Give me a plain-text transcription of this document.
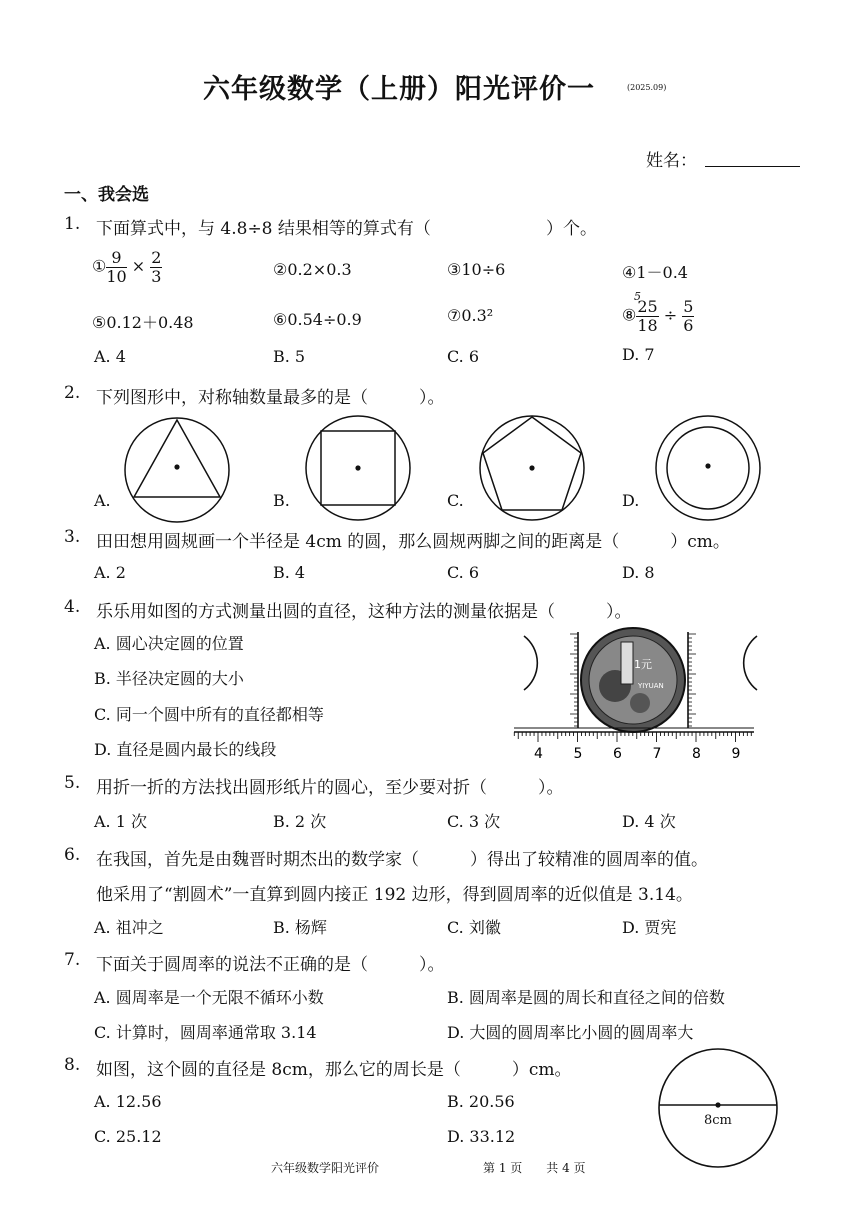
六年级数学（上册）阳光评价一	(2025.09)
姓名：
一、我会选
1. 下面算式中，与 4.8÷8 结果相等的算式有（	）个。
① $\frac{9}{10} \times \frac{2}{3}$	②0.2×0.3	③10÷6	④1－0.4
⑤0.12＋0.48	⑥0.54÷0.9	⑦0.3²	⑧ $\frac{25}{18} \div \frac{5}{6}$
5
A. 4	B. 5	C. 6	D. 7
2. 下列图形中，对称轴数量最多的是（　　　）。
A.	B.	C.	D.
3. 田田想用圆规画一个半径是 4cm 的圆，那么圆规两脚之间的距离是（　　　）cm。
A. 2	B. 4	C. 6	D. 8
4. 乐乐用如图的方式测量出圆的直径，这种方法的测量依据是（　　　）。
A. 圆心决定圆的位置
B. 半径决定圆的大小
C. 同一个圆中所有的直径都相等
D. 直径是圆内最长的线段
1元
YIYUAN
4 5 6 7 8 9
5. 用折一折的方法找出圆形纸片的圆心，至少要对折（　　　）。
A. 1 次	B. 2 次	C. 3 次	D. 4 次
6. 在我国，首先是由魏晋时期杰出的数学家（　　　）得出了较精准的圆周率的值。
他采用了“割圆术”一直算到圆内接正 192 边形，得到圆周率的近似值是 3.14。
A. 祖冲之	B. 杨辉	C. 刘徽	D. 贾宪
7. 下面关于圆周率的说法不正确的是（　　　）。
A. 圆周率是一个无限不循环小数	B. 圆周率是圆的周长和直径之间的倍数
C. 计算时，圆周率通常取 3.14	D. 大圆的圆周率比小圆的圆周率大
8. 如图，这个圆的直径是 8cm，那么它的周长是（　　　）cm。
A. 12.56	B. 20.56
C. 25.12	D. 33.12
8cm
六年级数学阳光评价	第 1 页　　共 4 页
